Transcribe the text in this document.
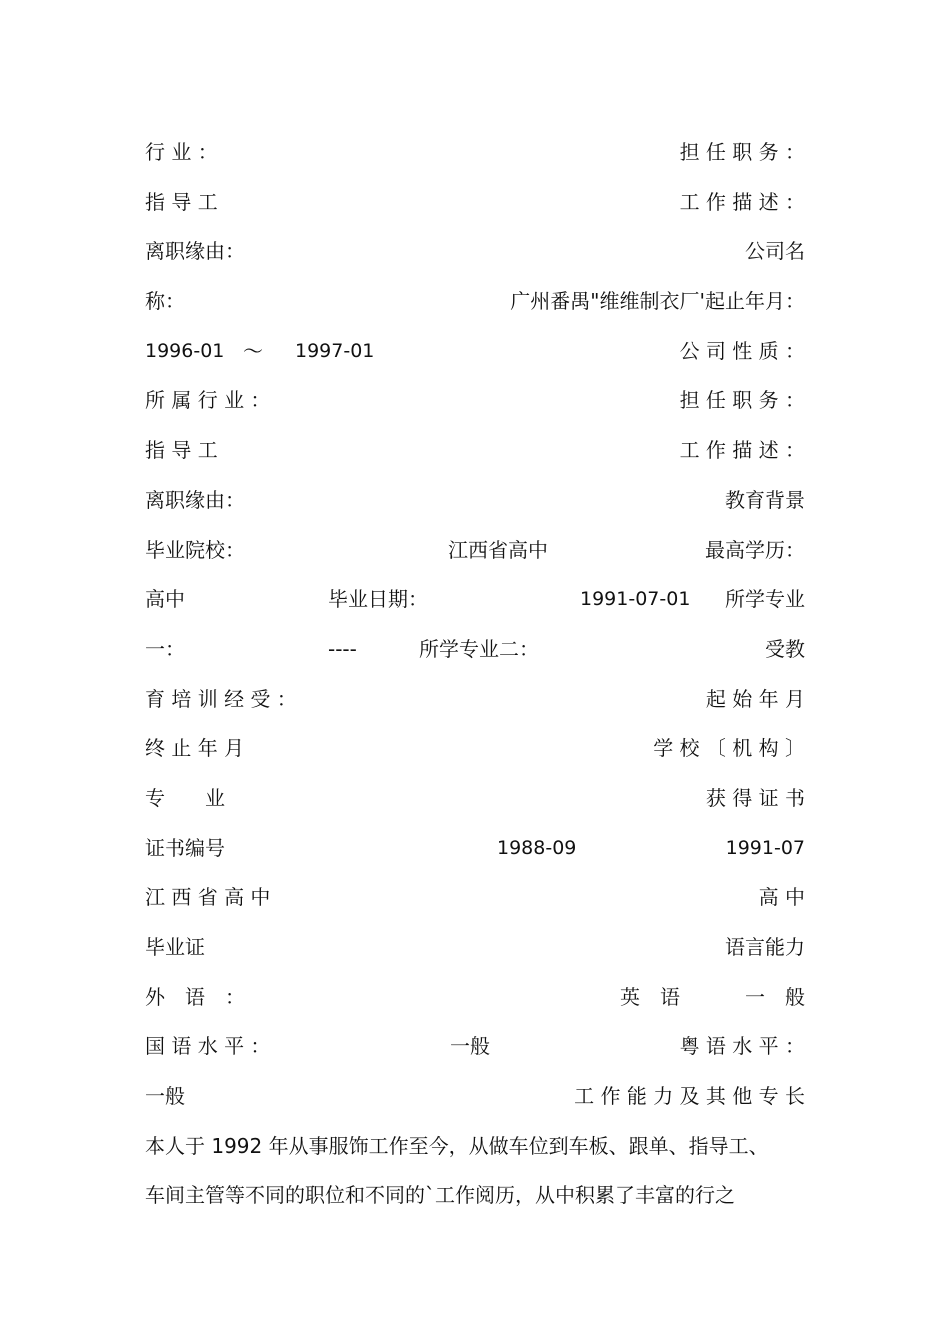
行 业 ：	担 任 职 务 ：
指 导 工	工 作 描 述 ：
离职缘由：	公司名
称：	广州番禺"维维制衣厂'起止年月：
1996-01 ～ 1997-01	公 司 性 质 ：
所 属 行 业 ：	担 任 职 务 ：
指 导 工	工 作 描 述 ：
离职缘由：	教育背景
毕业院校：	江西省高中	最高学历：
高中	毕业日期：	1991-07-01 所学专业
一：	----	所学专业二：	受教
育 培 训 经 受 ：	起 始 年 月
终 止 年 月	学 校 〔 机 构 〕
专　　业	获 得 证 书
证书编号	1988-09	1991-07
江 西 省 高 中	高 中
毕业证	语言能力
外　语　：	英　语	一　般
国 语 水 平 ：	一般	粤 语 水 平 ：
一般	工 作 能 力 及 其 他 专 长
本人于 1992 年从事服饰工作至今，从做车位到车板、跟单、指导工、
车间主管等不同的职位和不同的`工作阅历，从中积累了丰富的行之
